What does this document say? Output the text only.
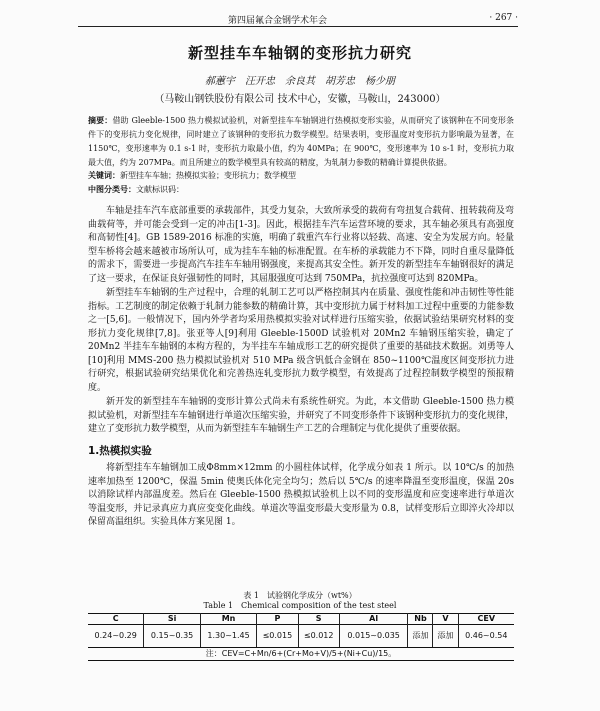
第四届氟合金钢学术年会	· 267 ·
新型挂车车轴钢的变形抗力研究
郝蕙宇　汪开忠　余良其　胡芳忠　杨少朋
（马鞍山钢铁股份有限公司 技术中心，安徽，马鞍山，243000）
摘要：借助 Gleeble-1500 热力模拟试验机，对新型挂车车轴钢进行热模拟变形实验，从而研究了该钢种在不同变形条件下的变形抗力变化规律，同时建立了该钢种的变形抗力数学模型。结果表明，变形温度对变形抗力影响最为显著，在 1150℃，变形速率为 0.1 s-1 时，变形抗力取最小值，约为 40MPa；在 900℃，变形速率为 10 s-1 时，变形抗力取最大值，约为 207MPa。而且所建立的数学模型具有较高的精度，为轧制力参数的精确计算提供依据。
关键词：新型挂车车轴；热模拟实验；变形抗力；数学模型
中图分类号：文献标识码：

车轴是挂车汽车底部重要的承载部件，其受力复杂，大致所承受的载荷有弯扭复合载荷、扭转载荷及弯曲载荷等，并可能会受到一定的冲击[1-3]。因此，根据挂车汽车运营环境的要求，其车轴必须具有高强度和高韧性[4]。GB 1589-2016 标准的实施，明确了载重汽车行业将以轻载、高速、安全为发展方向。轻量型车桥将会越来越被市场所认可，成为挂车车轴的标准配置。在车桥的承载能力不下降，同时自重尽量降低的需求下，需要进一步提高汽车挂车车轴用钢强度，来提高其安全性。新开发的新型挂车车轴钢很好的满足了这一要求，在保证良好强韧性的同时，其屈服强度可达到 750MPa，抗拉强度可达到 820MPa。

新型挂车车轴钢的生产过程中，合理的轧制工艺可以严格控制其内在质量、强度性能和冲击韧性等性能指标。工艺制度的制定依赖于轧制力能参数的精确计算，其中变形抗力属于材料加工过程中重要的力能参数之一[5,6]。一般情况下，国内外学者均采用热模拟实验对试样进行压缩实验，依据试验结果研究材料的变形抗力变化规律[7,8]。张亚等人[9]利用 Gleeble-1500D 试验机对 20Mn2 车轴钢压缩实验，确定了 20Mn2 半挂车车轴钢的本构方程的，为半挂车车轴成形工艺的研究提供了重要的基础技术数据。刘勇等人[10]利用 MMS-200 热力模拟试验机对 510 MPa 级含钒低合金钢在 850~1100℃温度区间变形抗力进行研究，根据试验研究结果优化和完善热连轧变形抗力数学模型，有效提高了过程控制数学模型的预报精度。

新开发的新型挂车车轴钢的变形计算公式尚未有系统性研究。为此，本文借助 Gleeble-1500 热力模拟试验机，对新型挂车车轴钢进行单道次压缩实验，并研究了不同变形条件下该钢种变形抗力的变化规律，建立了变形抗力数学模型，从而为新型挂车车轴钢生产工艺的合理制定与优化提供了重要依据。

1.热模拟实验

将新型挂车车轴钢加工成Φ8mm×12mm 的小圆柱体试样，化学成分如表 1 所示。以 10℃/s 的加热速率加热至 1200℃，保温 5min 使奥氏体化完全均匀；然后以 5℃/s 的速率降温至变形温度，保温 20s 以消除试样内部温度差。然后在 Gleeble-1500 热模拟试验机上以不同的变形温度和应变速率进行单道次等温变形，并记录真应力真应变变化曲线。单道次等温变形最大变形量为 0.8，试样变形后立即淬火冷却以保留高温组织。实验具体方案见图 1。

表 1　试验钢化学成分（wt%）
Table 1　Chemical composition of the test steel
C	Si	Mn	P	S	Al	Nb	V	CEV
0.24~0.29	0.15~0.35	1.30~1.45	≤0.015	≤0.012	0.015~0.035	添加	添加	0.46~0.54
注：CEV=C+Mn/6+(Cr+Mo+V)/5+(Ni+Cu)/15。								
